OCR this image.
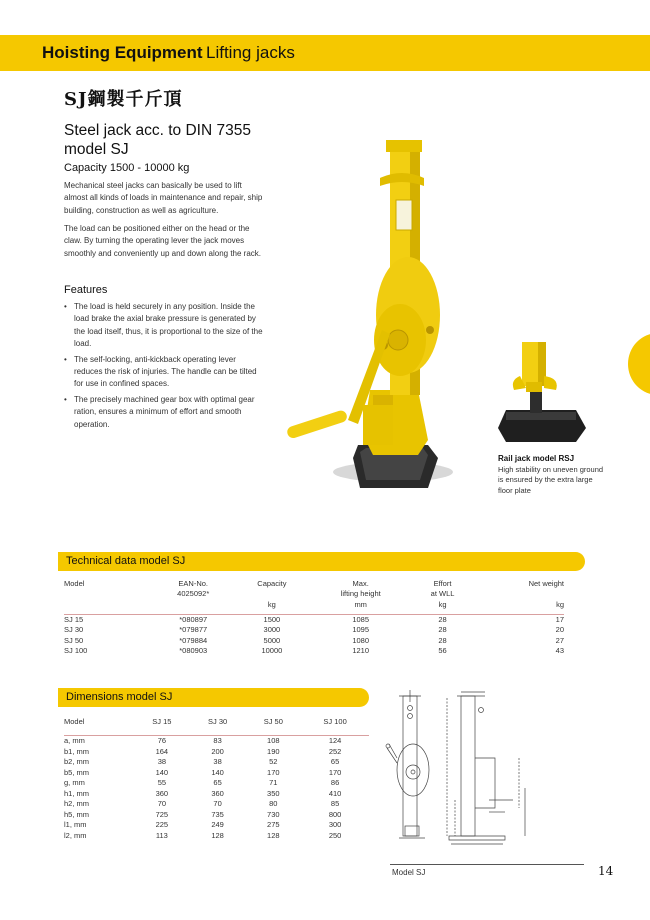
Hoisting Equipment Lifting jacks
SJ鋼製千斤頂
Steel jack acc. to DIN 7355 model SJ
Capacity 1500 - 10000 kg

Mechanical steel jacks can basically be used to lift almost all kinds of loads in maintenance and repair, ship building, construction as well as agriculture.

The load can be positioned either on the head or the claw. By turning the operating lever the jack moves smoothly and conveniently up and down along the rack.

Features
• The load is held securely in any position. Inside the load brake the axial brake pressure is generated by the load itself, thus, it is proportional to the size of the load.
• The self-locking, anti-kickback operating lever reduces the risk of injuries. The handle can be tilted for use in confined spaces.
• The precisely machined gear box with optimal gear ration, ensures a minimum of effort and smooth operation.
Rail jack model RSJ
High stability on uneven ground is ensured by the extra large floor plate
Technical data model SJ
Model	EAN-No.	Capacity	Max.	Effort	Net weight
	4025092*		lifting height	at WLL	
		kg	mm	kg	kg

SJ 15	*080897	1500	1085	28	17
SJ 30	*079877	3000	1095	28	20
SJ 50	*079884	5000	1080	28	27
SJ 100	*080903	10000	1210	56	43
Dimensions model SJ
Model	SJ 15	SJ 30	SJ 50	SJ 100

a, mm	76	83	108	124
b1, mm	164	200	190	252
b2, mm	38	38	52	65
b5, mm	140	140	170	170
g, mm	55	65	71	86
h1, mm	360	360	350	410
h2, mm	70	70	80	85
h5, mm	725	735	730	800
l1, mm	225	249	275	300
l2, mm	113	128	128	250
Model SJ	14
